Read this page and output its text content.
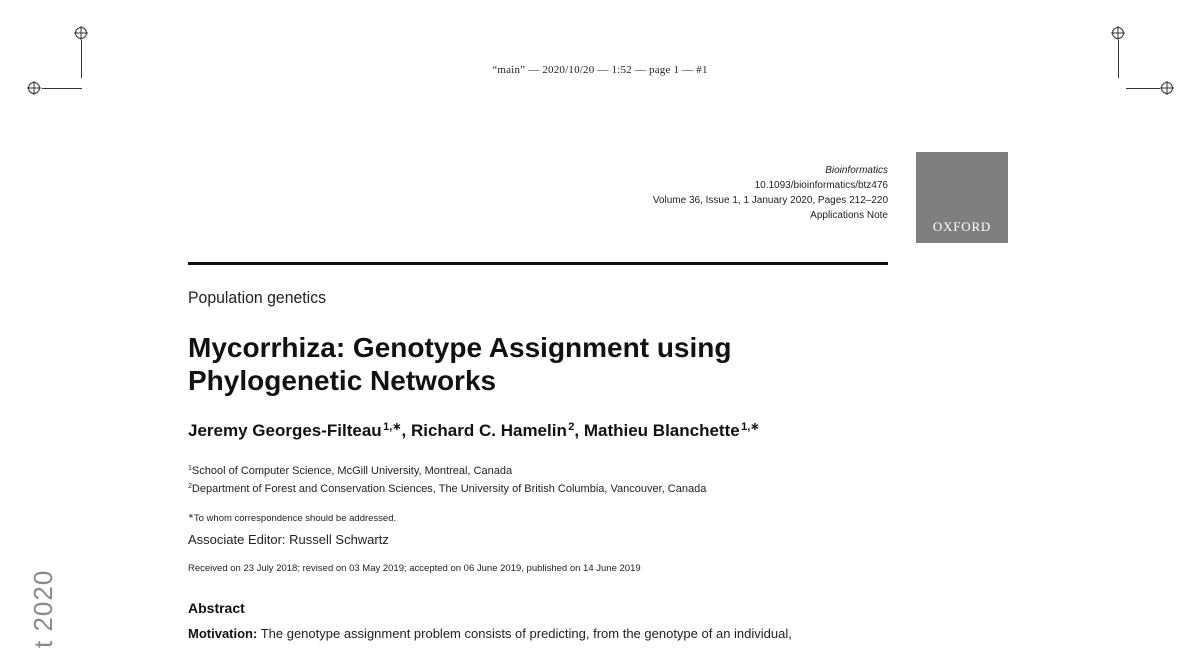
“main” — 2020/10/20 — 1:52 — page 1 — #1
Bioinformatics
10.1093/bioinformatics/btz476
Volume 36, Issue 1, 1 January 2020, Pages 212–220
Applications Note
OXFORD
Population genetics
Mycorrhiza: Genotype Assignment using
Phylogenetic Networks
Jeremy Georges-Filteau $^{1,∗}$, Richard C. Hamelin $^2$, Mathieu Blanchette $^{1,∗}$
$^1$School of Computer Science, McGill University, Montreal, Canada
$^2$Department of Forest and Conservation Sciences, The University of British Columbia, Vancouver, Canada
∗To whom correspondence should be addressed.
Associate Editor: Russell Schwartz
Received on 23 July 2018; revised on 03 May 2019; accepted on 06 June 2019, published on 14 June 2019
Abstract
Motivation: The genotype assignment problem consists of predicting, from the genotype of an individual,
t 2020
